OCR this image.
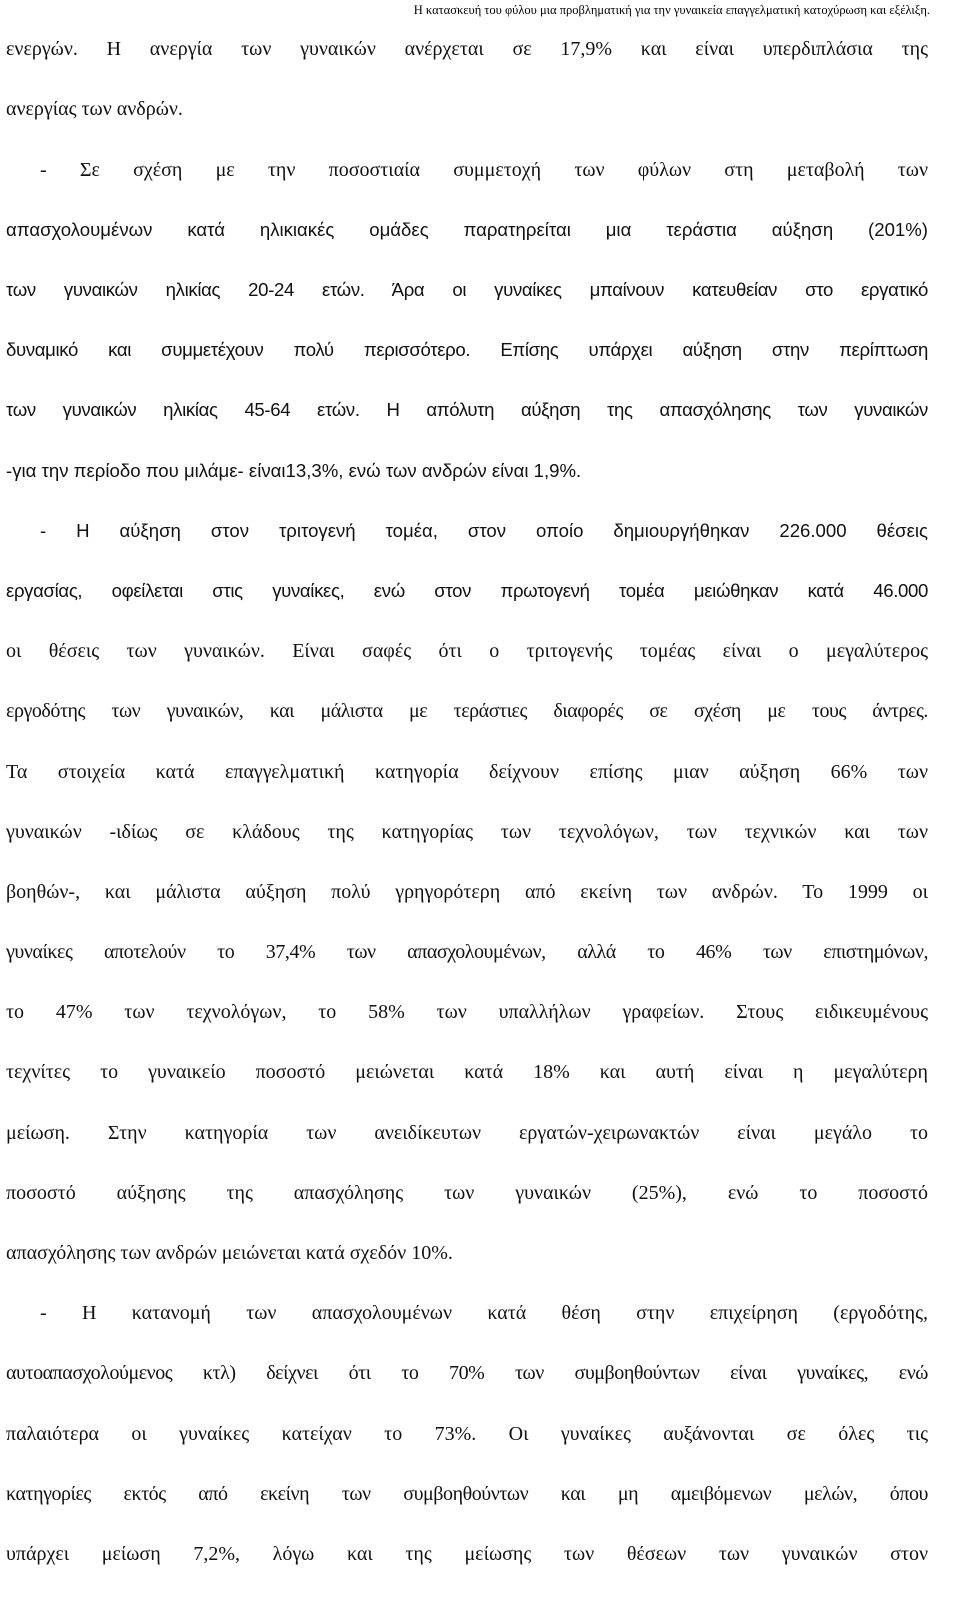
Η κατασκευή του φύλου μια προβληματική για την γυναικεία επαγγελματική κατοχύρωση και εξέλιξη.
ενεργών. Η ανεργία των γυναικών ανέρχεται σε 17,9% και είναι υπερδιπλάσια της
ανεργίας των ανδρών.
- Σε σχέση με την ποσοστιαία συμμετοχή των φύλων στη μεταβολή των
απασχολουμένων κατά ηλικιακές ομάδες παρατηρείται μια τεράστια αύξηση (201%)
των γυναικών ηλικίας 20-24 ετών. Άρα οι γυναίκες μπαίνουν κατευθείαν στο εργατικό
δυναμικό και συμμετέχουν πολύ περισσότερο. Επίσης υπάρχει αύξηση στην περίπτωση
των γυναικών ηλικίας 45-64 ετών. Η απόλυτη αύξηση της απασχόλησης των γυναικών
-για την περίοδο που μιλάμε- είναι13,3%, ενώ των ανδρών είναι 1,9%.
- Η αύξηση στον τριτογενή τομέα, στον οποίο δημιουργήθηκαν 226.000 θέσεις
εργασίας, οφείλεται στις γυναίκες, ενώ στον πρωτογενή τομέα μειώθηκαν κατά 46.000
οι θέσεις των γυναικών. Είναι σαφές ότι ο τριτογενής τομέας είναι ο μεγαλύτερος
εργοδότης των γυναικών, και μάλιστα με τεράστιες διαφορές σε σχέση με τους άντρες.
Τα στοιχεία κατά επαγγελματική κατηγορία δείχνουν επίσης μιαν αύξηση 66% των
γυναικών -ιδίως σε κλάδους της κατηγορίας των τεχνολόγων, των τεχνικών και των
βοηθών-, και μάλιστα αύξηση πολύ γρηγορότερη από εκείνη των ανδρών. Το 1999 οι
γυναίκες αποτελούν το 37,4% των απασχολουμένων, αλλά το 46% των επιστημόνων,
το 47% των τεχνολόγων, το 58% των υπαλλήλων γραφείων. Στους ειδικευμένους
τεχνίτες το γυναικείο ποσοστό μειώνεται κατά 18% και αυτή είναι η μεγαλύτερη
μείωση. Στην κατηγορία των ανειδίκευτων εργατών-χειρωνακτών είναι μεγάλο το
ποσοστό αύξησης της απασχόλησης των γυναικών (25%), ενώ το ποσοστό
απασχόλησης των ανδρών μειώνεται κατά σχεδόν 10%.
- Η κατανομή των απασχολουμένων κατά θέση στην επιχείρηση (εργοδότης,
αυτοαπασχολούμενος κτλ) δείχνει ότι το 70% των συμβοηθούντων είναι γυναίκες, ενώ
παλαιότερα οι γυναίκες κατείχαν το 73%. Οι γυναίκες αυξάνονται σε όλες τις
κατηγορίες εκτός από εκείνη των συμβοηθούντων και μη αμειβόμενων μελών, όπου
υπάρχει μείωση 7,2%, λόγω και της μείωσης των θέσεων των γυναικών στον
